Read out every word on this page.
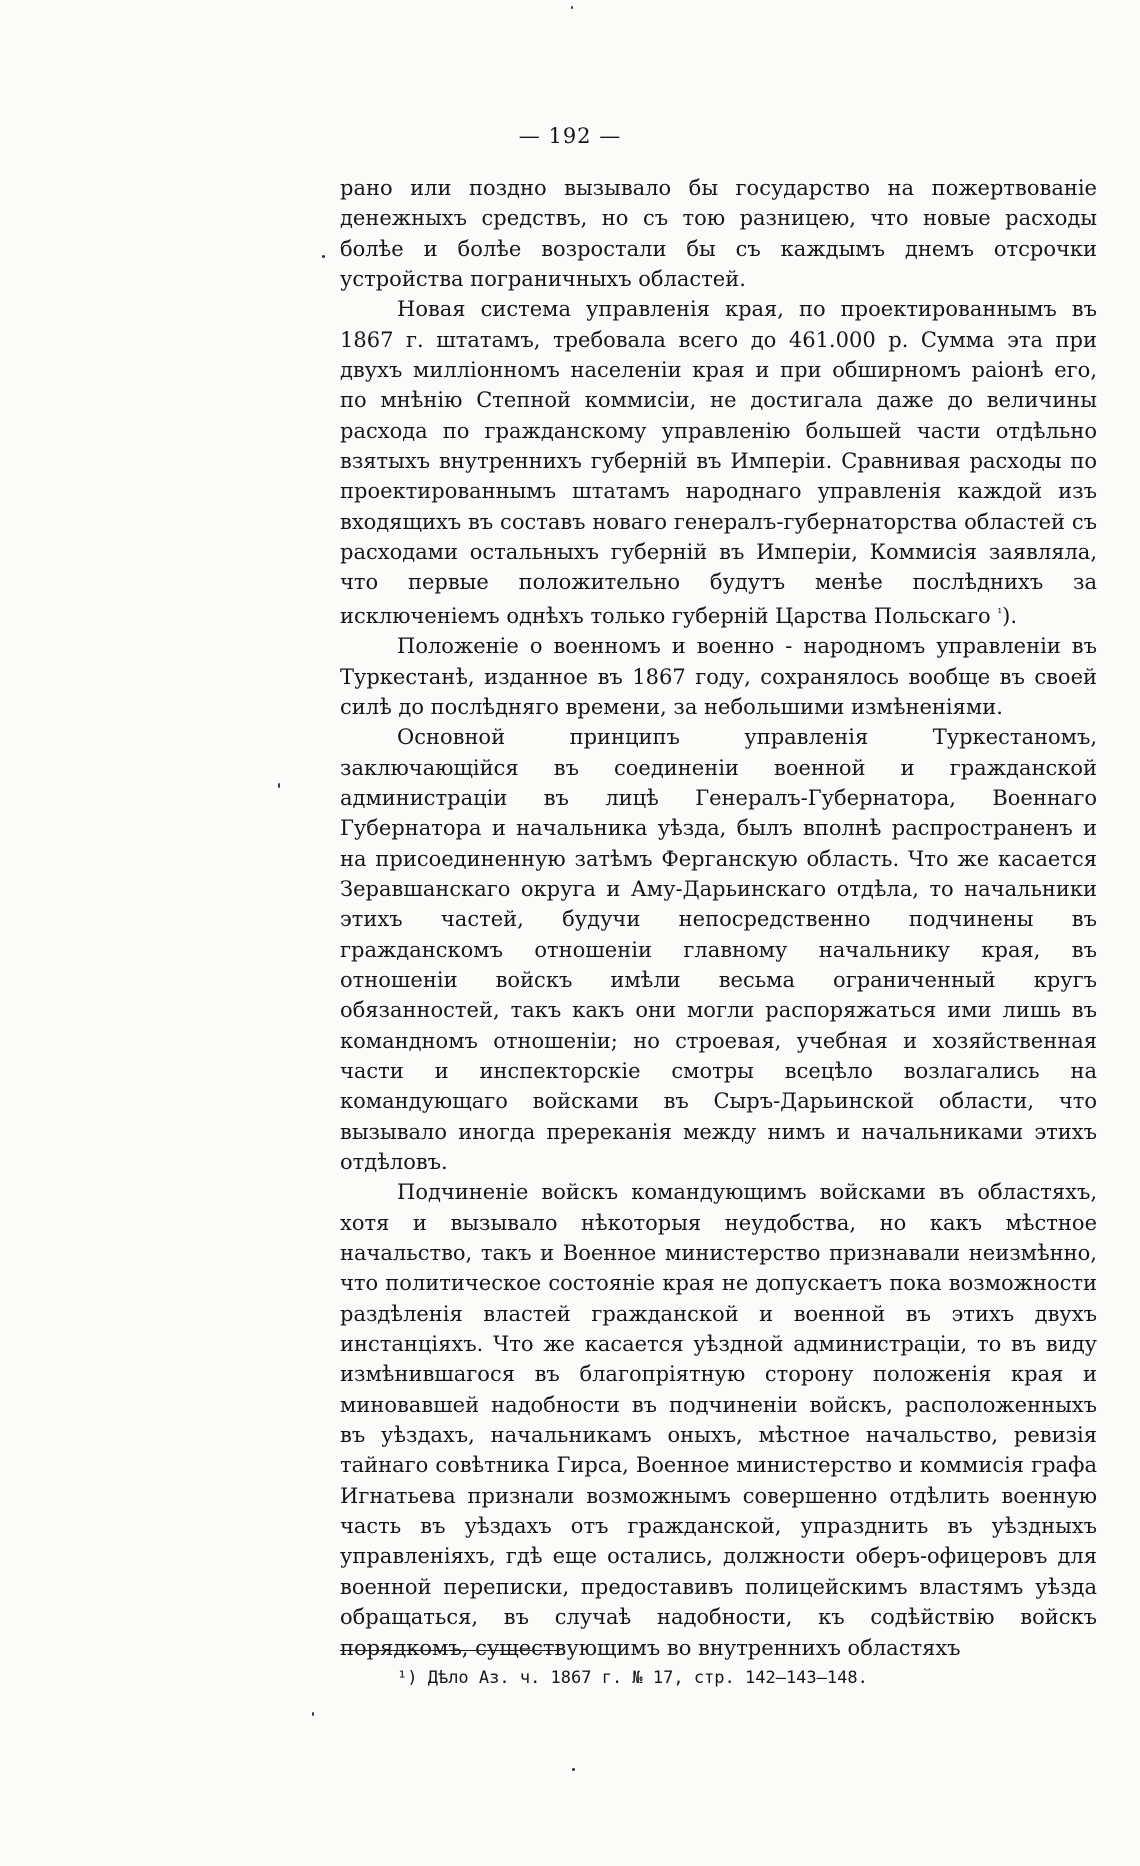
— 192 —

рано или поздно вызывало бы государство на пожертвованіе денежныхъ средствъ, но съ тою разницею, что новые расходы болѣе и болѣе возростали бы съ каждымъ днемъ отсрочки устройства пограничныхъ областей.

Новая система управленія края, по проектированнымъ въ 1867 г. штатамъ, требовала всего до 461.000 р. Сумма эта при двухъ милліонномъ населеніи края и при обширномъ раіонѣ его, по мнѣнію Степной коммисіи, не достигала даже до величины расхода по гражданскому управленію большей части отдѣльно взятыхъ внутреннихъ губерній въ Имперіи. Сравнивая расходы по проектированнымъ штатамъ народнаго управленія каждой изъ входящихъ въ составъ новаго генералъ-губернаторства областей съ расходами остальныхъ губерній въ Имперіи, Коммисія заявляла, что первые положительно будутъ менѣе послѣднихъ за исключеніемъ однѣхъ только губерній Царства Польскаго $^{^1}$).

Положеніе о военномъ и военно - народномъ управленіи въ Туркестанѣ, изданное въ 1867 году, сохранялось вообще въ своей силѣ до послѣдняго времени, за небольшими измѣненіями.

Основной принципъ управленія Туркестаномъ, заключающійся въ соединеніи военной и гражданской администраціи въ лицѣ Генералъ-Губернатора, Военнаго Губернатора и начальника уѣзда, былъ вполнѣ распространенъ и на присоединенную затѣмъ Ферганскую область. Что же касается Зеравшанскаго округа и Аму-Дарьинскаго отдѣла, то начальники этихъ частей, будучи непосредственно подчинены въ гражданскомъ отношеніи главному начальнику края, въ отношеніи войскъ имѣли весьма ограниченный кругъ обязанностей, такъ какъ они могли распоряжаться ими лишь въ командномъ отношеніи; но строевая, учебная и хозяйственная части и инспекторскіе смотры всецѣло возлагались на командующаго войсками въ Сыръ-Дарьинской области, что вызывало иногда пререканія между нимъ и начальниками этихъ отдѣловъ.

Подчиненіе войскъ командующимъ войсками въ областяхъ, хотя и вызывало нѣкоторыя неудобства, но какъ мѣстное начальство, такъ и Военное министерство признавали неизмѣнно, что политическое состояніе края не допускаетъ пока возможности раздѣленія властей гражданской и военной въ этихъ двухъ инстанціяхъ. Что же касается уѣздной администраціи, то въ виду измѣнившагося въ благопріятную сторону положенія края и миновавшей надобности въ подчиненіи войскъ, расположенныхъ въ уѣздахъ, начальникамъ оныхъ, мѣстное начальство, ревизія тайнаго совѣтника Гирса, Военное министерство и коммисія графа Игнатьева признали возможнымъ совершенно отдѣлить военную часть въ уѣздахъ отъ гражданской, упразднить въ уѣздныхъ управленіяхъ, гдѣ еще остались, должности оберъ-офицеровъ для военной переписки, предоставивъ полицейскимъ властямъ уѣзда обращаться, въ случаѣ надобности, къ содѣйствію войскъ порядкомъ, существующимъ во внутреннихъ областяхъ

¹) Дѣло Аз. ч. 1867 г. № 17, стр. 142—143—148.
